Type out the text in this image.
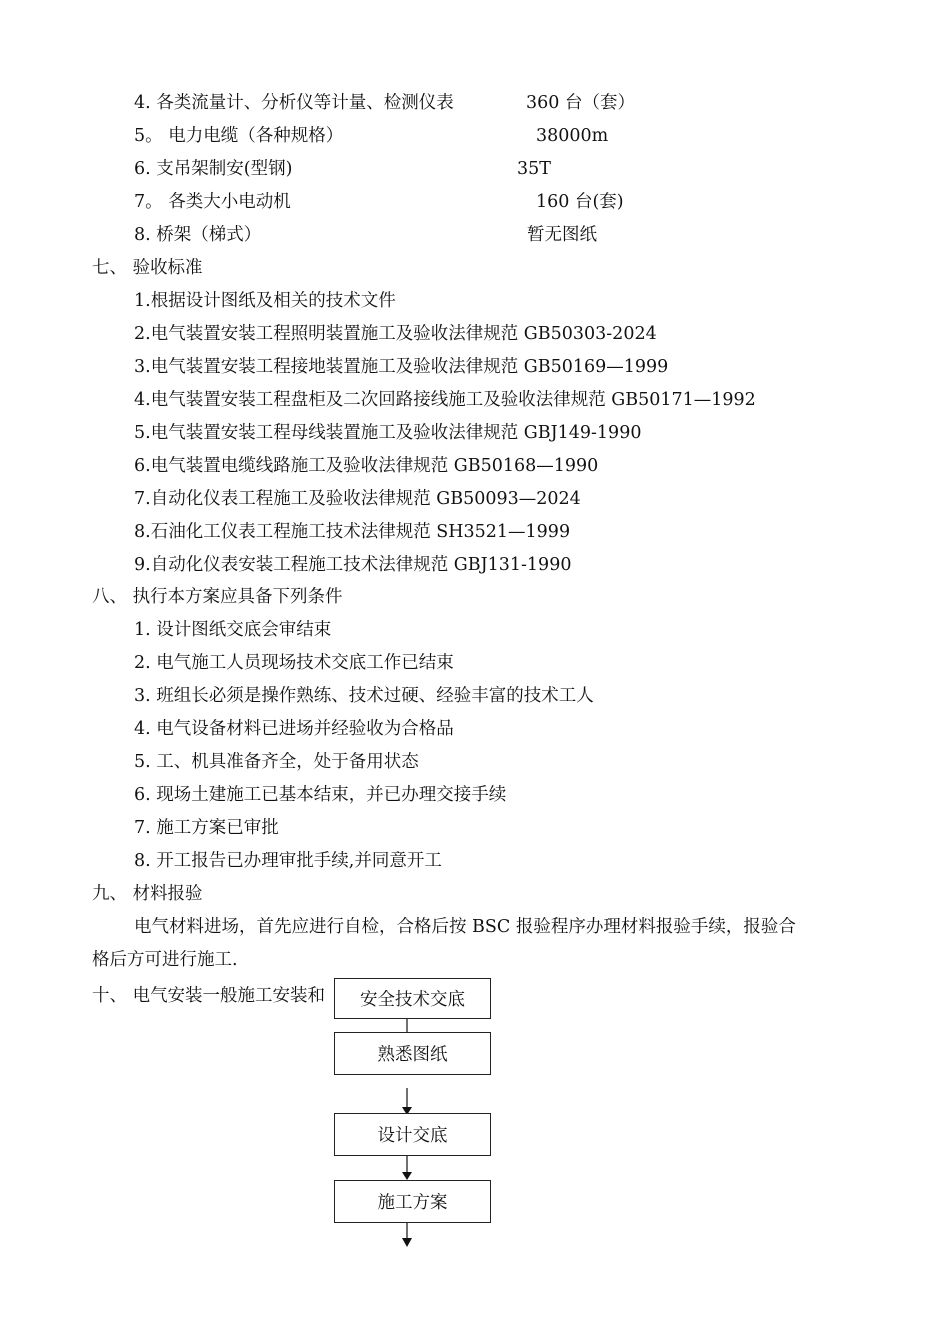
4. 各类流量计、分析仪等计量、检测仪表	360 台（套）
5。 电力电缆（各种规格）	38000m
6. 支吊架制安(型钢)	35T
7。 各类大小电动机	160 台(套)
8. 桥架（梯式）	暂无图纸
七、 验收标准
1.根据设计图纸及相关的技术文件
2.电气装置安装工程照明装置施工及验收法律规范 GB50303-2024
3.电气装置安装工程接地装置施工及验收法律规范 GB50169—1999
4.电气装置安装工程盘柜及二次回路接线施工及验收法律规范 GB50171—1992
5.电气装置安装工程母线装置施工及验收法律规范 GBJ149-1990
6.电气装置电缆线路施工及验收法律规范 GB50168—1990
7.自动化仪表工程施工及验收法律规范 GB50093—2024
8.石油化工仪表工程施工技术法律规范 SH3521—1999
9.自动化仪表安装工程施工技术法律规范 GBJ131-1990
八、 执行本方案应具备下列条件
1. 设计图纸交底会审结束
2. 电气施工人员现场技术交底工作已结束
3. 班组长必须是操作熟练、技术过硬、经验丰富的技术工人
4. 电气设备材料已进场并经验收为合格品
5. 工、机具准备齐全，处于备用状态
6. 现场土建施工已基本结束，并已办理交接手续
7. 施工方案已审批
8. 开工报告已办理审批手续,并同意开工
九、 材料报验
电气材料进场，首先应进行自检，合格后按 BSC 报验程序办理材料报验手续，报验合
格后方可进行施工.
十、 电气安装一般施工安装和 安全技术交底
熟悉图纸
设计交底
施工方案
